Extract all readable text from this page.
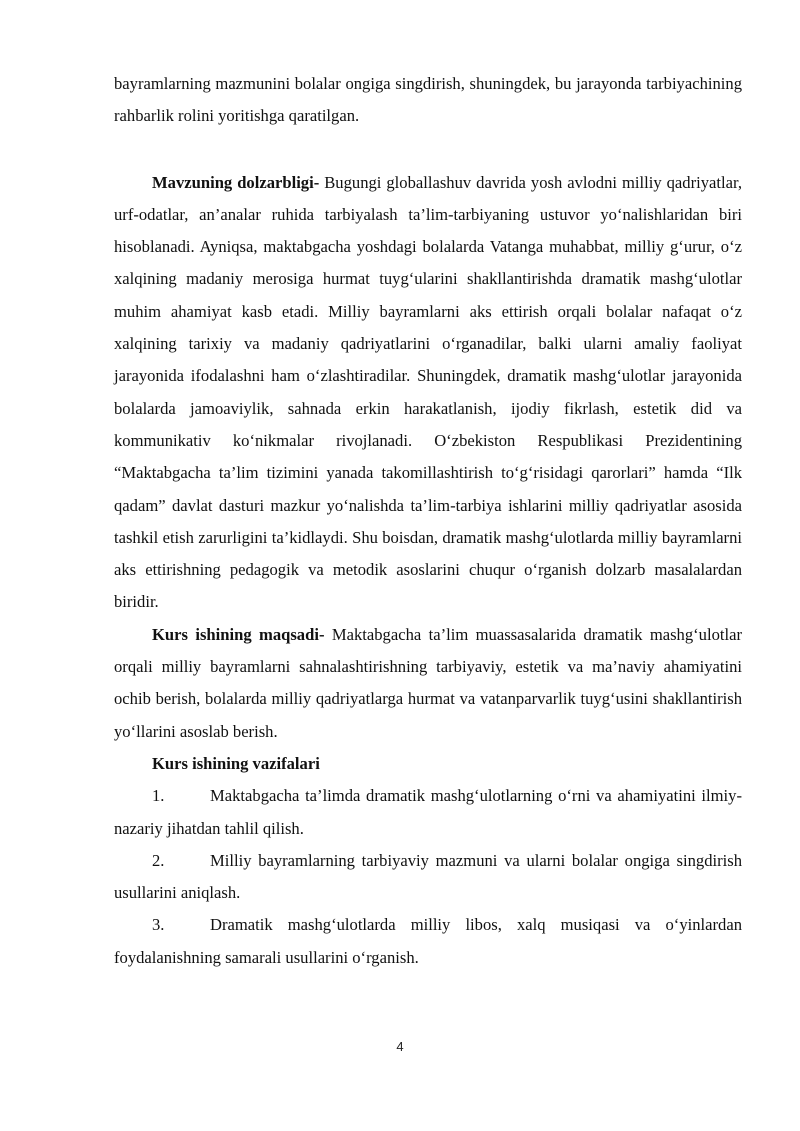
bayramlarning mazmunini bolalar ongiga singdirish, shuningdek, bu jarayonda tarbiyachining rahbarlik rolini yoritishga qaratilgan.

Mavzuning dolzarbligi- Bugungi globallashuv davrida yosh avlodni milliy qadriyatlar, urf-odatlar, an’analar ruhida tarbiyalash ta’lim-tarbiyaning ustuvor yo‘nalishlaridan biri hisoblanadi. Ayniqsa, maktabgacha yoshdagi bolalarda Vatanga muhabbat, milliy g‘urur, o‘z xalqining madaniy merosiga hurmat tuyg‘ularini shakllantirishda dramatik mashg‘ulotlar muhim ahamiyat kasb etadi. Milliy bayramlarni aks ettirish orqali bolalar nafaqat o‘z xalqining tarixiy va madaniy qadriyatlarini o‘rganadilar, balki ularni amaliy faoliyat jarayonida ifodalashni ham o‘zlashtiradilar. Shuningdek, dramatik mashg‘ulotlar jarayonida bolalarda jamoaviylik, sahnada erkin harakatlanish, ijodiy fikrlash, estetik did va kommunikativ ko‘nikmalar rivojlanadi. O‘zbekiston Respublikasi Prezidentining “Maktabgacha ta’lim tizimini yanada takomillashtirish to‘g‘risidagi qarorlari” hamda “Ilk qadam” davlat dasturi mazkur yo‘nalishda ta’lim-tarbiya ishlarini milliy qadriyatlar asosida tashkil etish zarurligini ta’kidlaydi. Shu boisdan, dramatik mashg‘ulotlarda milliy bayramlarni aks ettirishning pedagogik va metodik asoslarini chuqur o‘rganish dolzarb masalalardan biridir.

Kurs ishining maqsadi- Maktabgacha ta’lim muassasalarida dramatik mashg‘ulotlar orqali milliy bayramlarni sahnalashtirishning tarbiyaviy, estetik va ma’naviy ahamiyatini ochib berish, bolalarda milliy qadriyatlarga hurmat va vatanparvarlik tuyg‘usini shakllantirish yo‘llarini asoslab berish.

Kurs ishining vazifalari

1.	Maktabgacha ta’limda dramatik mashg‘ulotlarning o‘rni va ahamiyatini ilmiy-nazariy jihatdan tahlil qilish.

2.	Milliy bayramlarning tarbiyaviy mazmuni va ularni bolalar ongiga singdirish usullarini aniqlash.

3.	Dramatik mashg‘ulotlarda milliy libos, xalq musiqasi va o‘yinlardan foydalanishning samarali usullarini o‘rganish.

4
